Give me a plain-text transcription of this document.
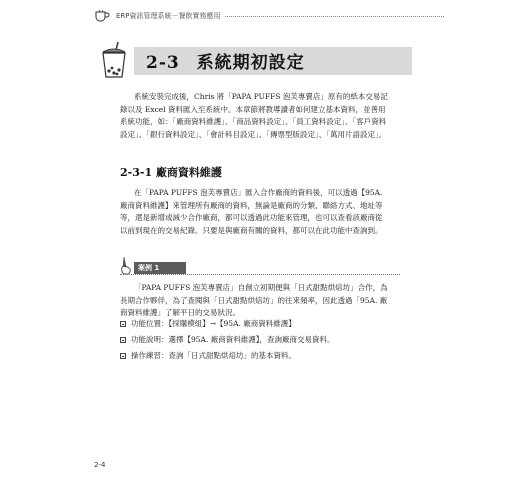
ERP資訊管理系統－餐飲實務應用
2-3 系統期初設定

系統安裝完成後，Chris 將「PAPA PUFFS 泡芙專賣店」原有的紙本交易記錄以及 Excel 資料匯入至系統中。本章節將教導讀者如何建立基本資料，並善用系統功能，如：「廠商資料維護」、「商品資料設定」、「員工資料設定」、「客戶資料設定」、「銀行資料設定」、「會計科目設定」、「傳票型版設定」、「萬用片語設定」。

2-3-1 廠商資料維護

在「PAPA PUFFS 泡芙專賣店」匯入合作廠商的資料後，可以透過【95A. 廠商資料維護】來管理所有廠商的資料，無論是廠商的分類、聯絡方式、地址等等，還是新增或減少合作廠商，都可以透過此功能來管理，也可以查看該廠商從以前到現在的交易紀錄。只要是與廠商有關的資料，都可以在此功能中查詢到。

案例 1

「PAPA PUFFS 泡芙專賣店」自創立初期便與「日式甜點烘焙坊」合作，為長期合作夥伴，為了查閱與「日式甜點烘焙坊」的往來頻率，因此透過「95A. 廠商資料維護」了解平日的交易狀況。

功能位置：【採購模組】→【95A. 廠商資料維護】
功能說明：選擇【95A. 廠商資料維護】，查詢廠商交易資料。
操作練習：查詢「日式甜點烘焙坊」的基本資料。
2-4
